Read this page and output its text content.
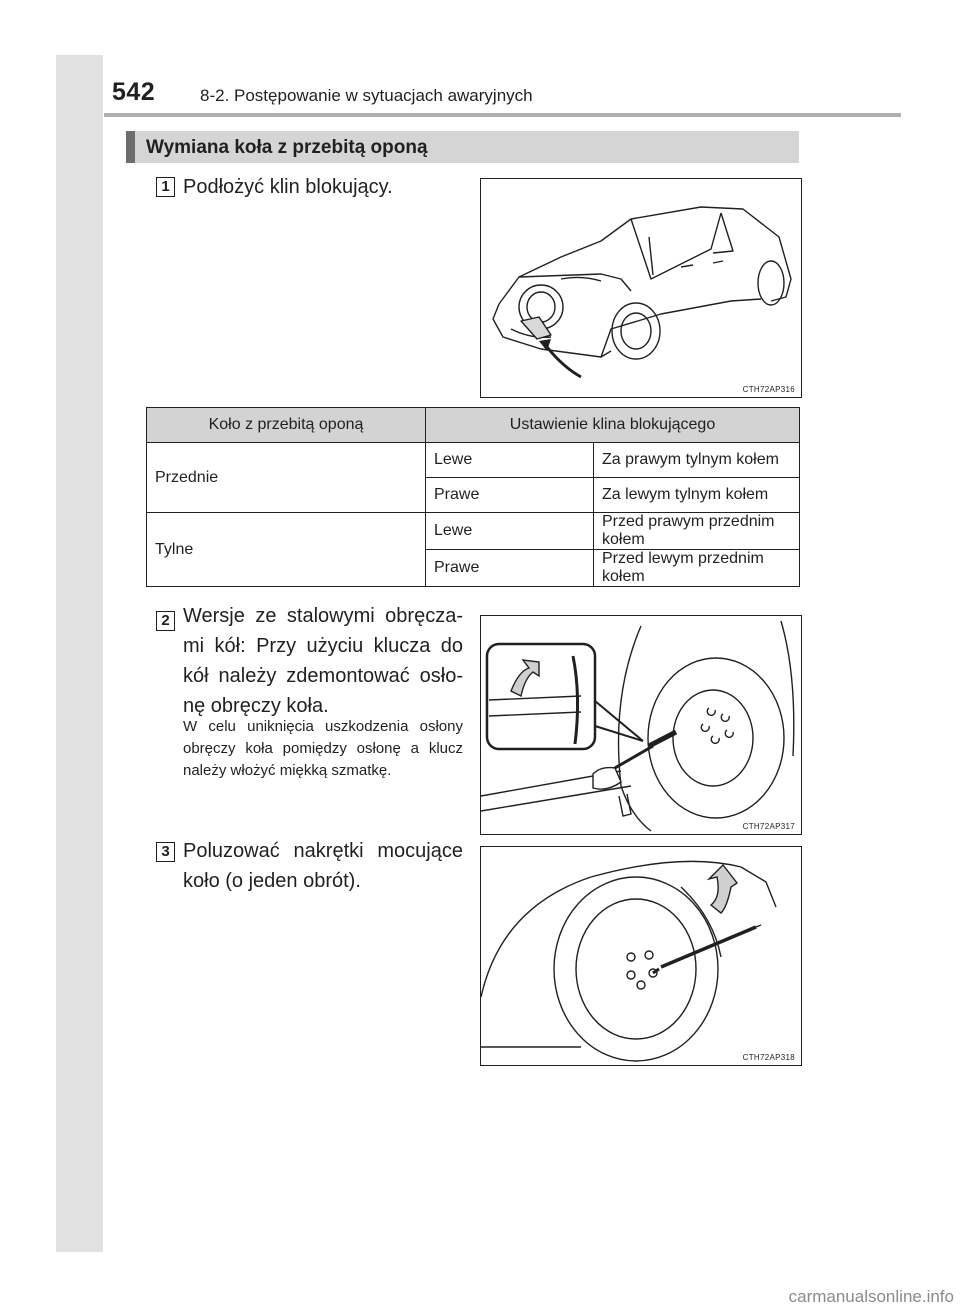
542	8-2. Postępowanie w sytuacjach awaryjnych
Wymiana koła z przebitą oponą
1 Podłożyć klin blokujący.
CTH72AP316
Koło z przebitą oponą	Ustawienie klina blokującego	
Przednie	Lewe	Za prawym tylnym kołem
	Prawe	Za lewym tylnym kołem
Tylne	Lewe	Przed prawym przednim kołem
	Prawe	Przed lewym przednim kołem
2 Wersje ze stalowymi obręcza-mi kół: Przy użyciu klucza do kół należy zdemontować osło-nę obręczy koła.
W celu uniknięcia uszkodzenia osłony obręczy koła pomiędzy osłonę a klucz należy włożyć miękką szmatkę.
CTH72AP317
3 Poluzować nakrętki mocujące koło (o jeden obrót).
CTH72AP318
carmanualsonline.info
